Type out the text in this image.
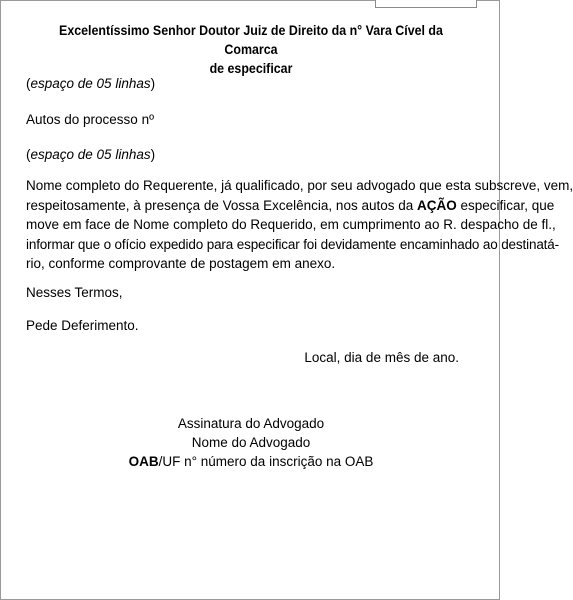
Excelentíssimo Senhor Doutor Juiz de Direito da n° Vara Cível da Comarca
de especificar
(espaço de 05 linhas)
Autos do processo nº
(espaço de 05 linhas)
Nome completo do Requerente, já qualificado, por seu advogado que esta subscreve, vem,
respeitosamente, à presença de Vossa Excelência, nos autos da AÇÃO especificar, que
move em face de Nome completo do Requerido, em cumprimento ao R. despacho de fl.,
informar que o ofício expedido para especificar foi devidamente encaminhado ao destinatá-
rio, conforme comprovante de postagem em anexo.
Nesses Termos,
Pede Deferimento.
Local, dia de mês de ano.
Assinatura do Advogado
Nome do Advogado
OAB/UF n° número da inscrição na OAB
